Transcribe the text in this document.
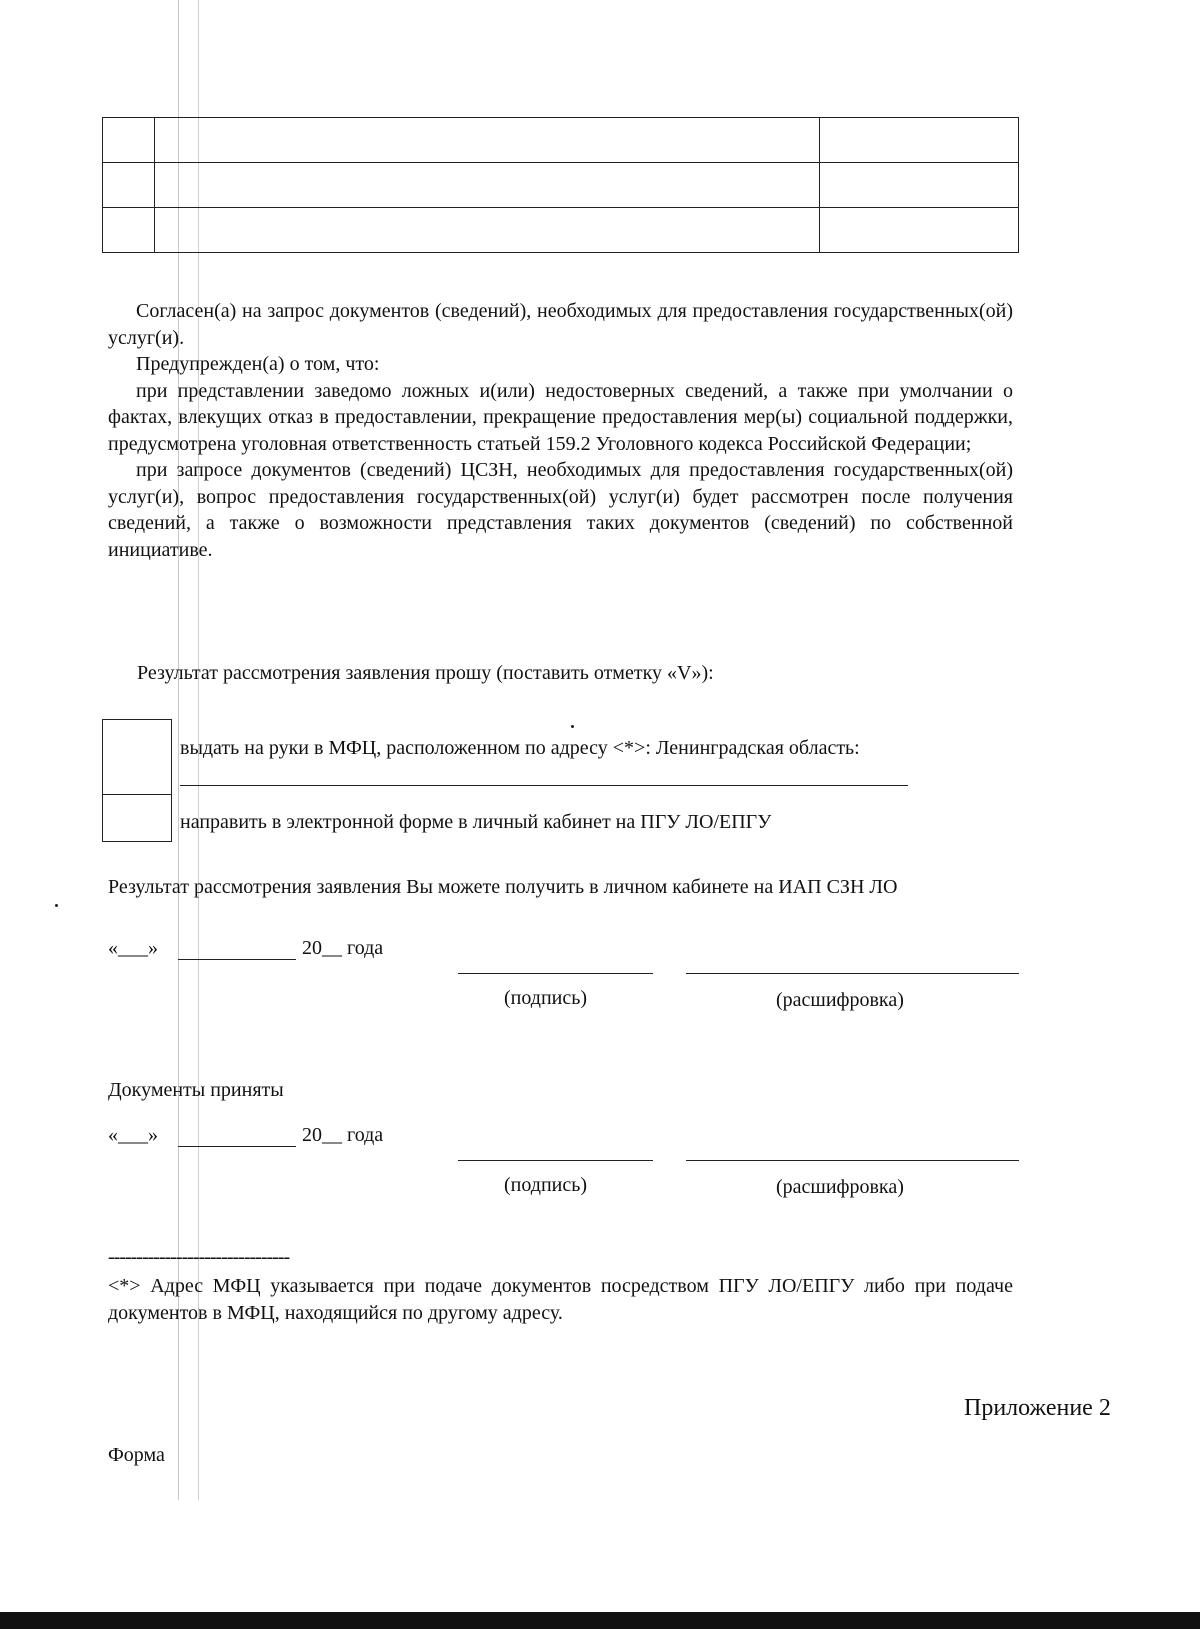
Согласен(а) на запрос документов (сведений), необходимых для предоставления государственных(ой) услуг(и).

Предупрежден(а) о том, что:

при представлении заведомо ложных и(или) недостоверных сведений, а также при умолчании о фактах, влекущих отказ в предоставлении, прекращение предоставления мер(ы) социальной поддержки, предусмотрена уголовная ответственность статьей 159.2 Уголовного кодекса Российской Федерации;

при запросе документов (сведений) ЦСЗН, необходимых для предоставления государственных(ой) услуг(и), вопрос предоставления государственных(ой) услуг(и) будет рассмотрен после получения сведений, а также о возможности представления таких документов (сведений) по собственной инициативе.

Результат рассмотрения заявления прошу (поставить отметку «V»):
выдать на руки в МФЦ, расположенном по адресу <*>: Ленинградская область:
направить в электронной форме в личный кабинет на ПГУ ЛО/ЕПГУ
Результат рассмотрения заявления Вы можете получить в личном кабинете на ИАП СЗН ЛО
«___»	20__ года
(подпись)	(расшифровка)
Документы приняты
«___»	20__ года
(подпись)	(расшифровка)
--------------------------------

<*> Адрес МФЦ указывается при подаче документов посредством ПГУ ЛО/ЕПГУ либо при подаче документов в МФЦ, находящийся по другому адресу.

Приложение 2
Форма
